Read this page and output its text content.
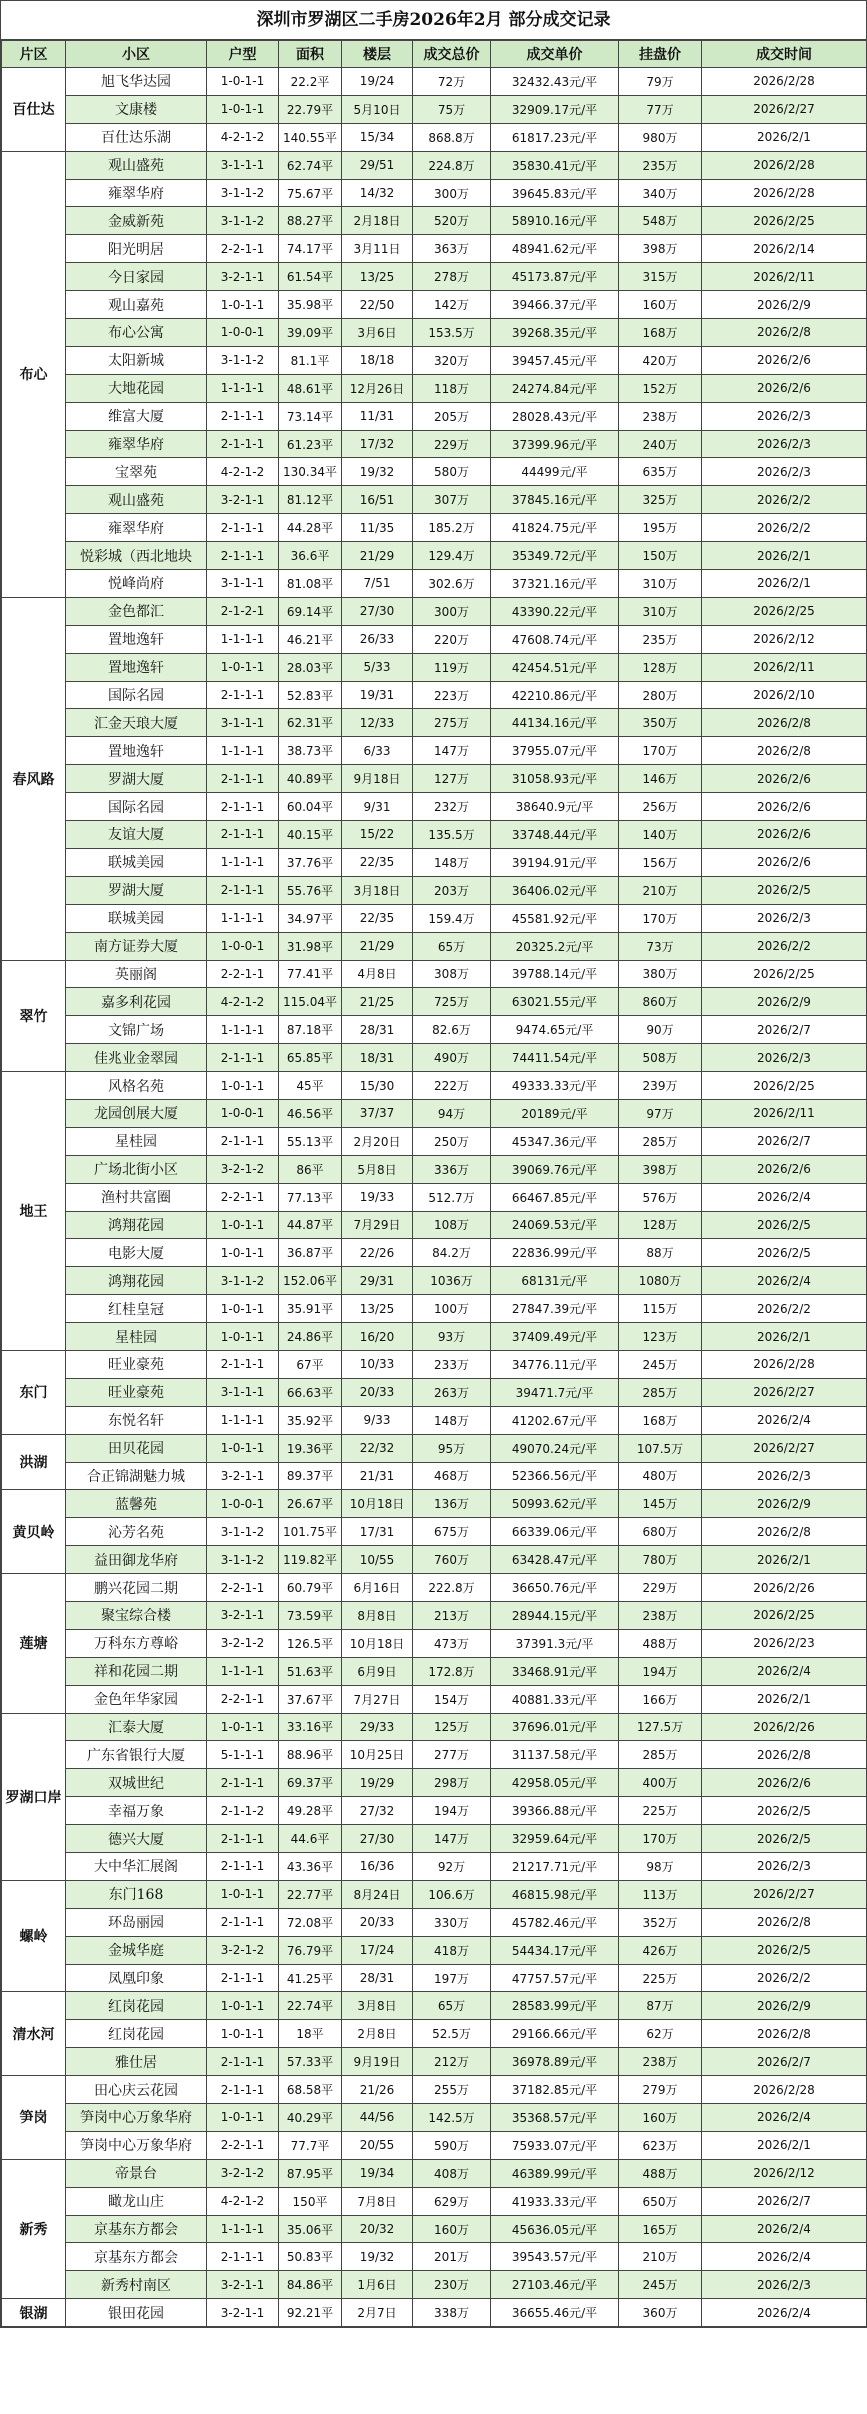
深圳市罗湖区二手房2026年2月 部分成交记录
片区	小区	户型	面积	楼层	成交总价	成交单价	挂盘价	成交时间
百仕达	旭飞华达园	1-0-1-1	22.2平	19/24	72万	32432.43元/平	79万	2026/2/28
	文康楼	1-0-1-1	22.79平	5月10日	75万	32909.17元/平	77万	2026/2/27
	百仕达乐湖	4-2-1-2	140.55平	15/34	868.8万	61817.23元/平	980万	2026/2/1
布心	观山盛苑	3-1-1-1	62.74平	29/51	224.8万	35830.41元/平	235万	2026/2/28
	雍翠华府	3-1-1-2	75.67平	14/32	300万	39645.83元/平	340万	2026/2/28
	金威新苑	3-1-1-2	88.27平	2月18日	520万	58910.16元/平	548万	2026/2/25
	阳光明居	2-2-1-1	74.17平	3月11日	363万	48941.62元/平	398万	2026/2/14
	今日家园	3-2-1-1	61.54平	13/25	278万	45173.87元/平	315万	2026/2/11
	观山嘉苑	1-0-1-1	35.98平	22/50	142万	39466.37元/平	160万	2026/2/9
	布心公寓	1-0-0-1	39.09平	3月6日	153.5万	39268.35元/平	168万	2026/2/8
	太阳新城	3-1-1-2	81.1平	18/18	320万	39457.45元/平	420万	2026/2/6
	大地花园	1-1-1-1	48.61平	12月26日	118万	24274.84元/平	152万	2026/2/6
	维富大厦	2-1-1-1	73.14平	11/31	205万	28028.43元/平	238万	2026/2/3
	雍翠华府	2-1-1-1	61.23平	17/32	229万	37399.96元/平	240万	2026/2/3
	宝翠苑	4-2-1-2	130.34平	19/32	580万	44499元/平	635万	2026/2/3
	观山盛苑	3-2-1-1	81.12平	16/51	307万	37845.16元/平	325万	2026/2/2
	雍翠华府	2-1-1-1	44.28平	11/35	185.2万	41824.75元/平	195万	2026/2/2
	悦彩城（西北地块	2-1-1-1	36.6平	21/29	129.4万	35349.72元/平	150万	2026/2/1
	悦峰尚府	3-1-1-1	81.08平	7/51	302.6万	37321.16元/平	310万	2026/2/1
春风路	金色都汇	2-1-2-1	69.14平	27/30	300万	43390.22元/平	310万	2026/2/25
	置地逸轩	1-1-1-1	46.21平	26/33	220万	47608.74元/平	235万	2026/2/12
	置地逸轩	1-0-1-1	28.03平	5/33	119万	42454.51元/平	128万	2026/2/11
	国际名园	2-1-1-1	52.83平	19/31	223万	42210.86元/平	280万	2026/2/10
	汇金天琅大厦	3-1-1-1	62.31平	12/33	275万	44134.16元/平	350万	2026/2/8
	置地逸轩	1-1-1-1	38.73平	6/33	147万	37955.07元/平	170万	2026/2/8
	罗湖大厦	2-1-1-1	40.89平	9月18日	127万	31058.93元/平	146万	2026/2/6
	国际名园	2-1-1-1	60.04平	9/31	232万	38640.9元/平	256万	2026/2/6
	友谊大厦	2-1-1-1	40.15平	15/22	135.5万	33748.44元/平	140万	2026/2/6
	联城美园	1-1-1-1	37.76平	22/35	148万	39194.91元/平	156万	2026/2/6
	罗湖大厦	2-1-1-1	55.76平	3月18日	203万	36406.02元/平	210万	2026/2/5
	联城美园	1-1-1-1	34.97平	22/35	159.4万	45581.92元/平	170万	2026/2/3
	南方证券大厦	1-0-0-1	31.98平	21/29	65万	20325.2元/平	73万	2026/2/2
翠竹	英丽阁	2-2-1-1	77.41平	4月8日	308万	39788.14元/平	380万	2026/2/25
	嘉多利花园	4-2-1-2	115.04平	21/25	725万	63021.55元/平	860万	2026/2/9
	文锦广场	1-1-1-1	87.18平	28/31	82.6万	9474.65元/平	90万	2026/2/7
	佳兆业金翠园	2-1-1-1	65.85平	18/31	490万	74411.54元/平	508万	2026/2/3
地王	风格名苑	1-0-1-1	45平	15/30	222万	49333.33元/平	239万	2026/2/25
	龙园创展大厦	1-0-0-1	46.56平	37/37	94万	20189元/平	97万	2026/2/11
	星桂园	2-1-1-1	55.13平	2月20日	250万	45347.36元/平	285万	2026/2/7
	广场北街小区	3-2-1-2	86平	5月8日	336万	39069.76元/平	398万	2026/2/6
	渔村共富圈	2-2-1-1	77.13平	19/33	512.7万	66467.85元/平	576万	2026/2/4
	鸿翔花园	1-0-1-1	44.87平	7月29日	108万	24069.53元/平	128万	2026/2/5
	电影大厦	1-0-1-1	36.87平	22/26	84.2万	22836.99元/平	88万	2026/2/5
	鸿翔花园	3-1-1-2	152.06平	29/31	1036万	68131元/平	1080万	2026/2/4
	红桂皇冠	1-0-1-1	35.91平	13/25	100万	27847.39元/平	115万	2026/2/2
	星桂园	1-0-1-1	24.86平	16/20	93万	37409.49元/平	123万	2026/2/1
东门	旺业豪苑	2-1-1-1	67平	10/33	233万	34776.11元/平	245万	2026/2/28
	旺业豪苑	3-1-1-1	66.63平	20/33	263万	39471.7元/平	285万	2026/2/27
	东悦名轩	1-1-1-1	35.92平	9/33	148万	41202.67元/平	168万	2026/2/4
洪湖	田贝花园	1-0-1-1	19.36平	22/32	95万	49070.24元/平	107.5万	2026/2/27
	合正锦湖魅力城	3-2-1-1	89.37平	21/31	468万	52366.56元/平	480万	2026/2/3
黄贝岭	蓝馨苑	1-0-0-1	26.67平	10月18日	136万	50993.62元/平	145万	2026/2/9
	沁芳名苑	3-1-1-2	101.75平	17/31	675万	66339.06元/平	680万	2026/2/8
	益田御龙华府	3-1-1-2	119.82平	10/55	760万	63428.47元/平	780万	2026/2/1
莲塘	鹏兴花园二期	2-2-1-1	60.79平	6月16日	222.8万	36650.76元/平	229万	2026/2/26
	聚宝综合楼	3-2-1-1	73.59平	8月8日	213万	28944.15元/平	238万	2026/2/25
	万科东方尊峪	3-2-1-2	126.5平	10月18日	473万	37391.3元/平	488万	2026/2/23
	祥和花园二期	1-1-1-1	51.63平	6月9日	172.8万	33468.91元/平	194万	2026/2/4
	金色年华家园	2-2-1-1	37.67平	7月27日	154万	40881.33元/平	166万	2026/2/1
罗湖口岸	汇泰大厦	1-0-1-1	33.16平	29/33	125万	37696.01元/平	127.5万	2026/2/26
	广东省银行大厦	5-1-1-1	88.96平	10月25日	277万	31137.58元/平	285万	2026/2/8
	双城世纪	2-1-1-1	69.37平	19/29	298万	42958.05元/平	400万	2026/2/6
	幸福万象	2-1-1-2	49.28平	27/32	194万	39366.88元/平	225万	2026/2/5
	德兴大厦	2-1-1-1	44.6平	27/30	147万	32959.64元/平	170万	2026/2/5
	大中华汇展阁	2-1-1-1	43.36平	16/36	92万	21217.71元/平	98万	2026/2/3
螺岭	东门168	1-0-1-1	22.77平	8月24日	106.6万	46815.98元/平	113万	2026/2/27
	环岛丽园	2-1-1-1	72.08平	20/33	330万	45782.46元/平	352万	2026/2/8
	金城华庭	3-2-1-2	76.79平	17/24	418万	54434.17元/平	426万	2026/2/5
	凤凰印象	2-1-1-1	41.25平	28/31	197万	47757.57元/平	225万	2026/2/2
清水河	红岗花园	1-0-1-1	22.74平	3月8日	65万	28583.99元/平	87万	2026/2/9
	红岗花园	1-0-1-1	18平	2月8日	52.5万	29166.66元/平	62万	2026/2/8
	雅仕居	2-1-1-1	57.33平	9月19日	212万	36978.89元/平	238万	2026/2/7
笋岗	田心庆云花园	2-1-1-1	68.58平	21/26	255万	37182.85元/平	279万	2026/2/28
	笋岗中心万象华府	1-0-1-1	40.29平	44/56	142.5万	35368.57元/平	160万	2026/2/4
	笋岗中心万象华府	2-2-1-1	77.7平	20/55	590万	75933.07元/平	623万	2026/2/1
新秀	帝景台	3-2-1-2	87.95平	19/34	408万	46389.99元/平	488万	2026/2/12
	瞰龙山庄	4-2-1-2	150平	7月8日	629万	41933.33元/平	650万	2026/2/7
	京基东方都会	1-1-1-1	35.06平	20/32	160万	45636.05元/平	165万	2026/2/4
	京基东方都会	2-1-1-1	50.83平	19/32	201万	39543.57元/平	210万	2026/2/4
	新秀村南区	3-2-1-1	84.86平	1月6日	230万	27103.46元/平	245万	2026/2/3
银湖	银田花园	3-2-1-1	92.21平	2月7日	338万	36655.46元/平	360万	2026/2/4
